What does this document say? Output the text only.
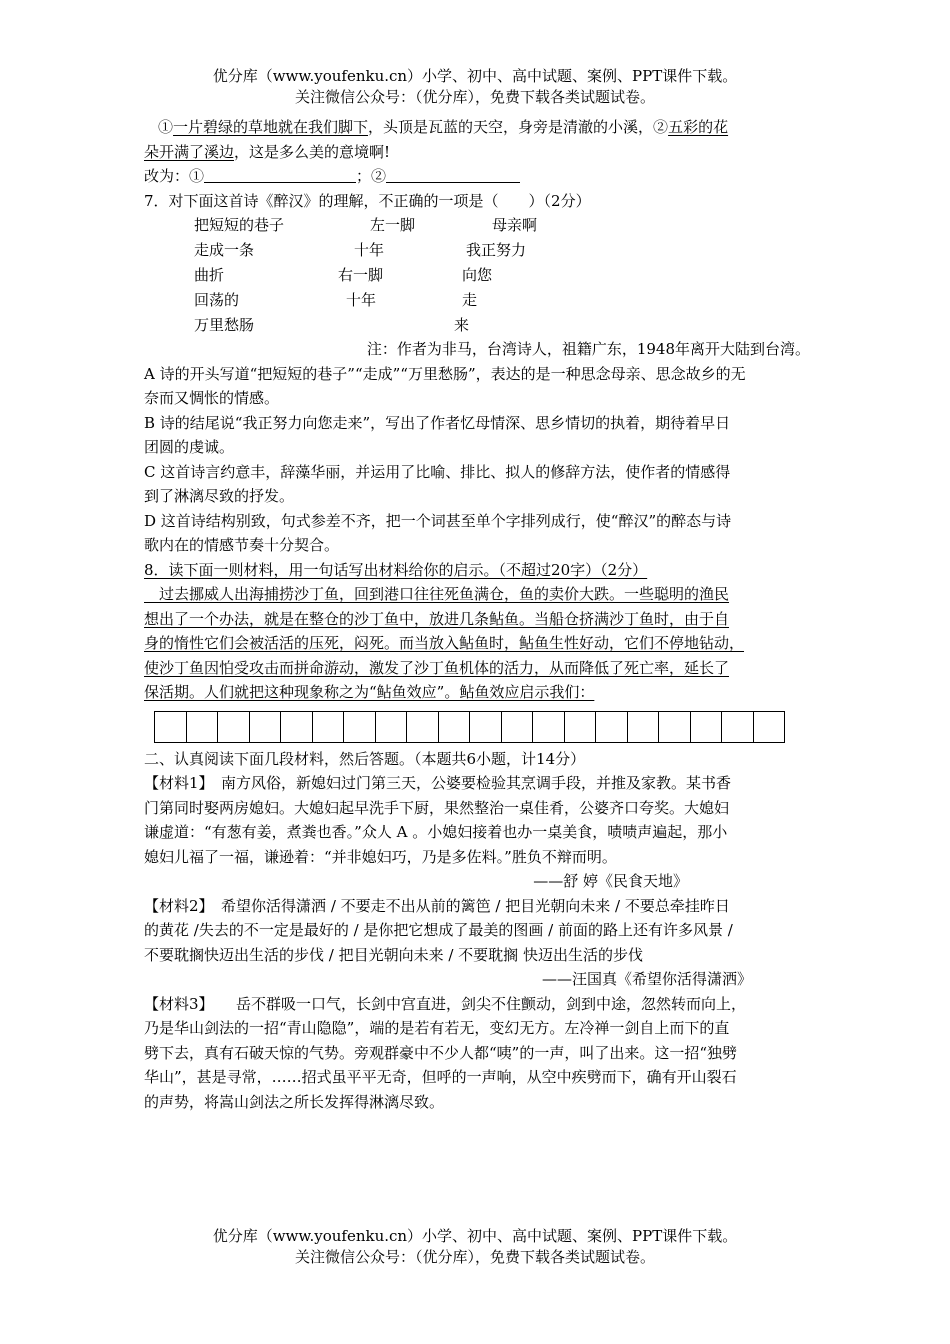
优分库（www.youfenku.cn）小学、初中、高中试题、案例、PPT课件下载。
关注微信公众号：（优分库），免费下载各类试题试卷。

①一片碧绿的草地就在我们脚下，头顶是瓦蓝的天空，身旁是清澈的小溪，②五彩的花

朵开满了溪边，这是多么美的意境啊!

改为：①	；②

7．对下面这首诗《醉汉》的理解，不正确的一项是（　　）（2分）

把短短的巷子
走成一条
曲折
回荡的
万里愁肠
左一脚
十年
右一脚
十年
母亲啊
我正努力
向您
走
来

注：作者为非马，台湾诗人，祖籍广东，1948年离开大陆到台湾。

A 诗的开头写道“把短短的巷子”“走成”“万里愁肠”，表达的是一种思念母亲、思念故乡的无

奈而又惆怅的情感。

B 诗的结尾说“我正努力向您走来”，写出了作者忆母情深、思乡情切的执着，期待着早日

团圆的虔诚。

C 这首诗言约意丰，辞藻华丽，并运用了比喻、排比、拟人的修辞方法，使作者的情感得

到了淋漓尽致的抒发。

D 这首诗结构别致，句式参差不齐，把一个词甚至单个字排列成行，使“醉汉”的醉态与诗

歌内在的情感节奏十分契合。

8．读下面一则材料，用一句话写出材料给你的启示。（不超过20字）（2分）

　过去挪威人出海捕捞沙丁鱼，回到港口往往死鱼满仓，鱼的卖价大跌。一些聪明的渔民

想出了一个办法，就是在整仓的沙丁鱼中，放进几条鲇鱼。当船仓挤满沙丁鱼时，由于自

身的惰性它们会被活活的压死，闷死。而当放入鲇鱼时，鲇鱼生性好动，它们不停地钻动，

使沙丁鱼因怕受攻击而拼命游动，激发了沙丁鱼机体的活力，从而降低了死亡率，延长了

保活期。人们就把这种现象称之为“鲇鱼效应”。鲇鱼效应启示我们：

二、认真阅读下面几段材料，然后答题。（本题共6小题，计14分）

【材料1】　南方风俗，新媳妇过门第三天，公婆要检验其烹调手段，并推及家教。某书香

门第同时娶两房媳妇。大媳妇起早洗手下厨，果然整治一桌佳肴，公婆齐口夸奖。大媳妇

谦虚道：“有葱有姜，煮粪也香。”众人 A 。小媳妇接着也办一桌美食，啧啧声遍起，那小

媳妇儿福了一福，谦逊着：“并非媳妇巧，乃是多佐料。”胜负不辩而明。

——舒 婷《民食天地》

【材料2】　希望你活得潇洒 / 不要走不出从前的篱笆 / 把目光朝向未来 / 不要总牵挂昨日

的黄花 /失去的不一定是最好的 / 是你把它想成了最美的图画 / 前面的路上还有许多风景 /

不要耽搁快迈出生活的步伐 / 把目光朝向未来 / 不要耽搁 快迈出生活的步伐

——汪国真《希望你活得潇洒》

【材料3】　　岳不群吸一口气，长剑中宫直进，剑尖不住颤动，剑到中途，忽然转而向上，

乃是华山剑法的一招“青山隐隐”，端的是若有若无，变幻无方。左冷禅一剑自上而下的直

劈下去，真有石破天惊的气势。旁观群豪中不少人都“咦”的一声，叫了出来。这一招“独劈

华山”，甚是寻常，……招式虽平平无奇，但呼的一声响，从空中疾劈而下，确有开山裂石

的声势，将嵩山剑法之所长发挥得淋漓尽致。

优分库（www.youfenku.cn）小学、初中、高中试题、案例、PPT课件下载。
关注微信公众号：（优分库），免费下载各类试题试卷。
